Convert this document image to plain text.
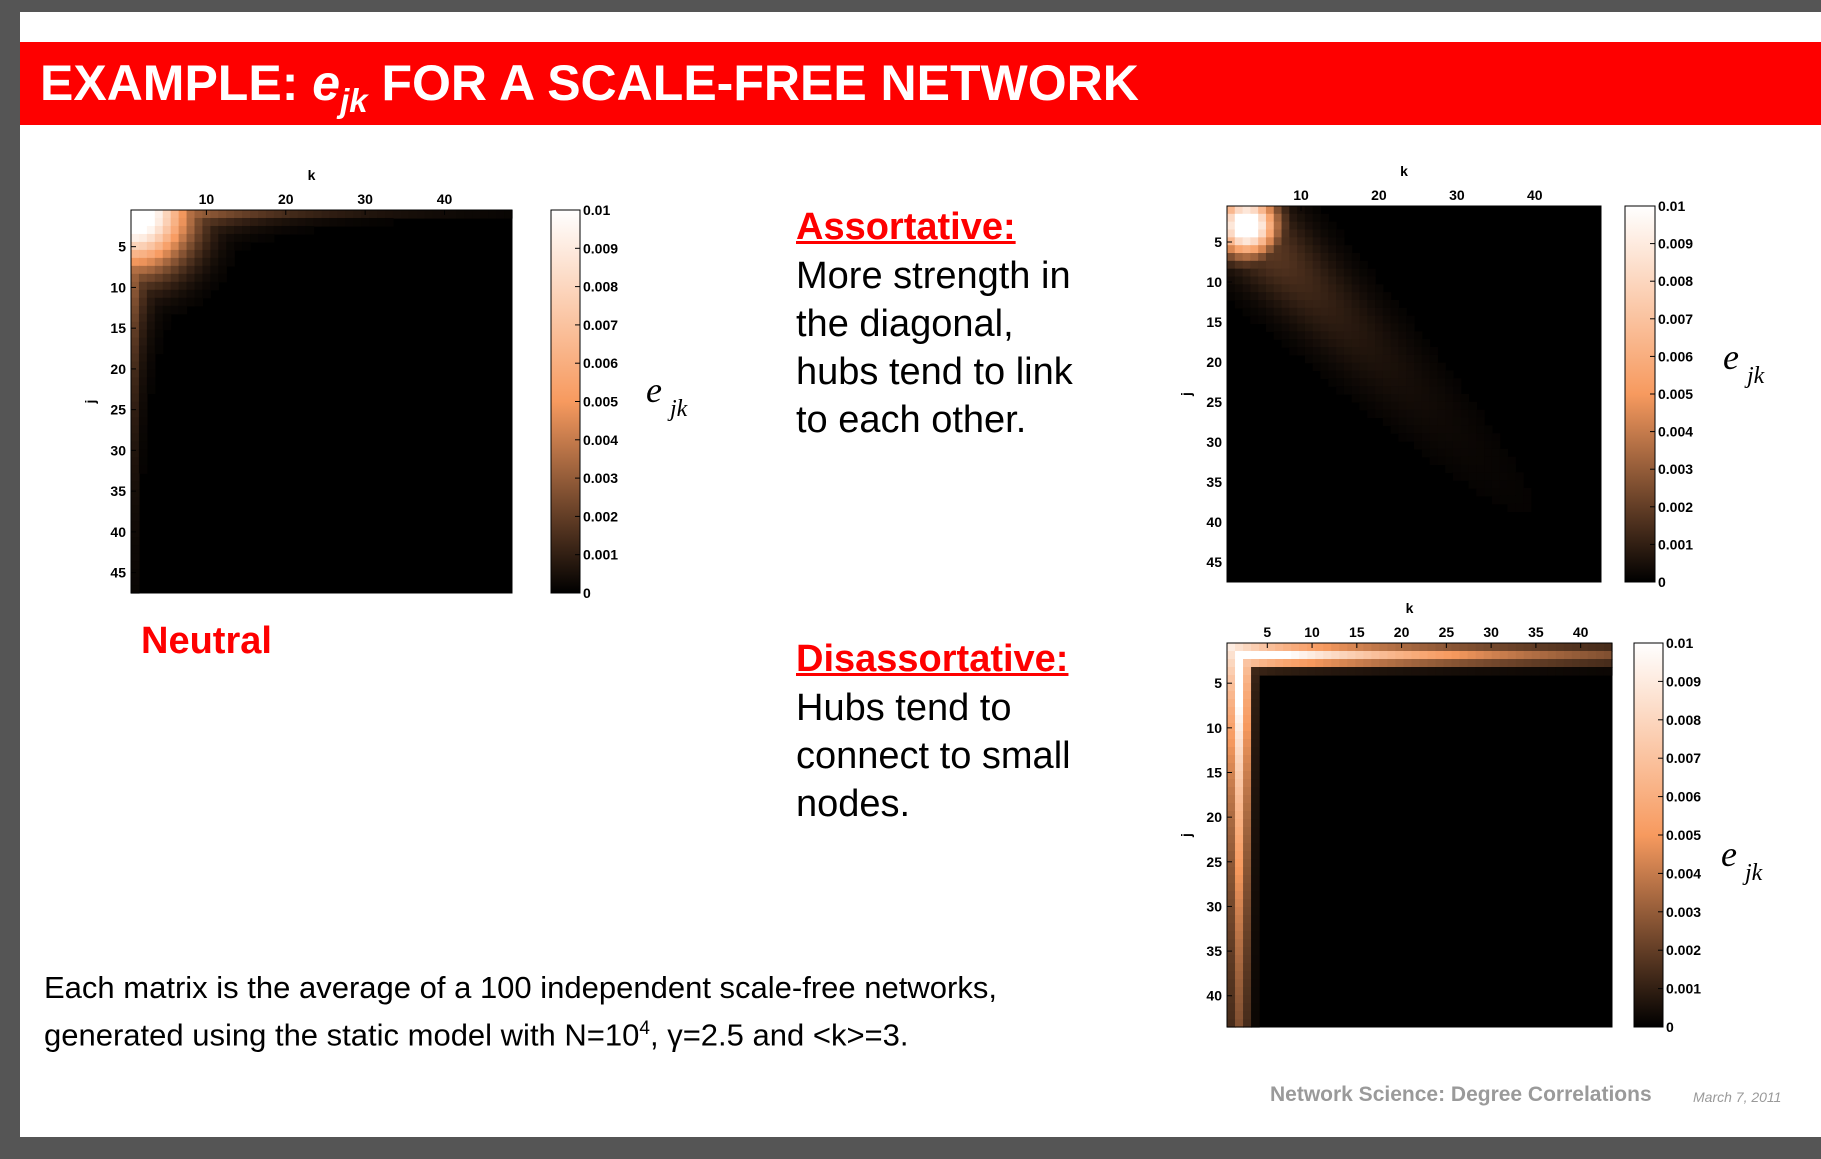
EXAMPLE: $e_{jk}$ FOR A SCALE-FREE NETWORK
10	20	30	40
5
10
15
20
25
30
35
40
45
k
j
0.01
0.009
0.008
0.007
0.006
0.005
0.004
0.003
0.002
0.001
0
e jk
Neutral
Assortative:
More strength in
the diagonal,
hubs tend to link
to each other.
10	20	30	40
5
10
15
20
25
30
35
40
45
k
j
0.01
0.009
0.008
0.007
0.006
0.005
0.004
0.003
0.002
0.001
0
e jk
Disassortative:
Hubs tend to
connect to small
nodes.
5 10 15 20 25 30 35 40
5
10
15
20
25
30
35
40
k
j
0.01
0.009
0.008
0.007
0.006
0.005
0.004
0.003
0.002
0.001
0
e jk
Each matrix is the average of a 100 independent scale-free networks,
generated using the static model with $N=10^4$, γ=2.5 and <k>=3.
Network Science: Degree Correlations	March 7, 2011
